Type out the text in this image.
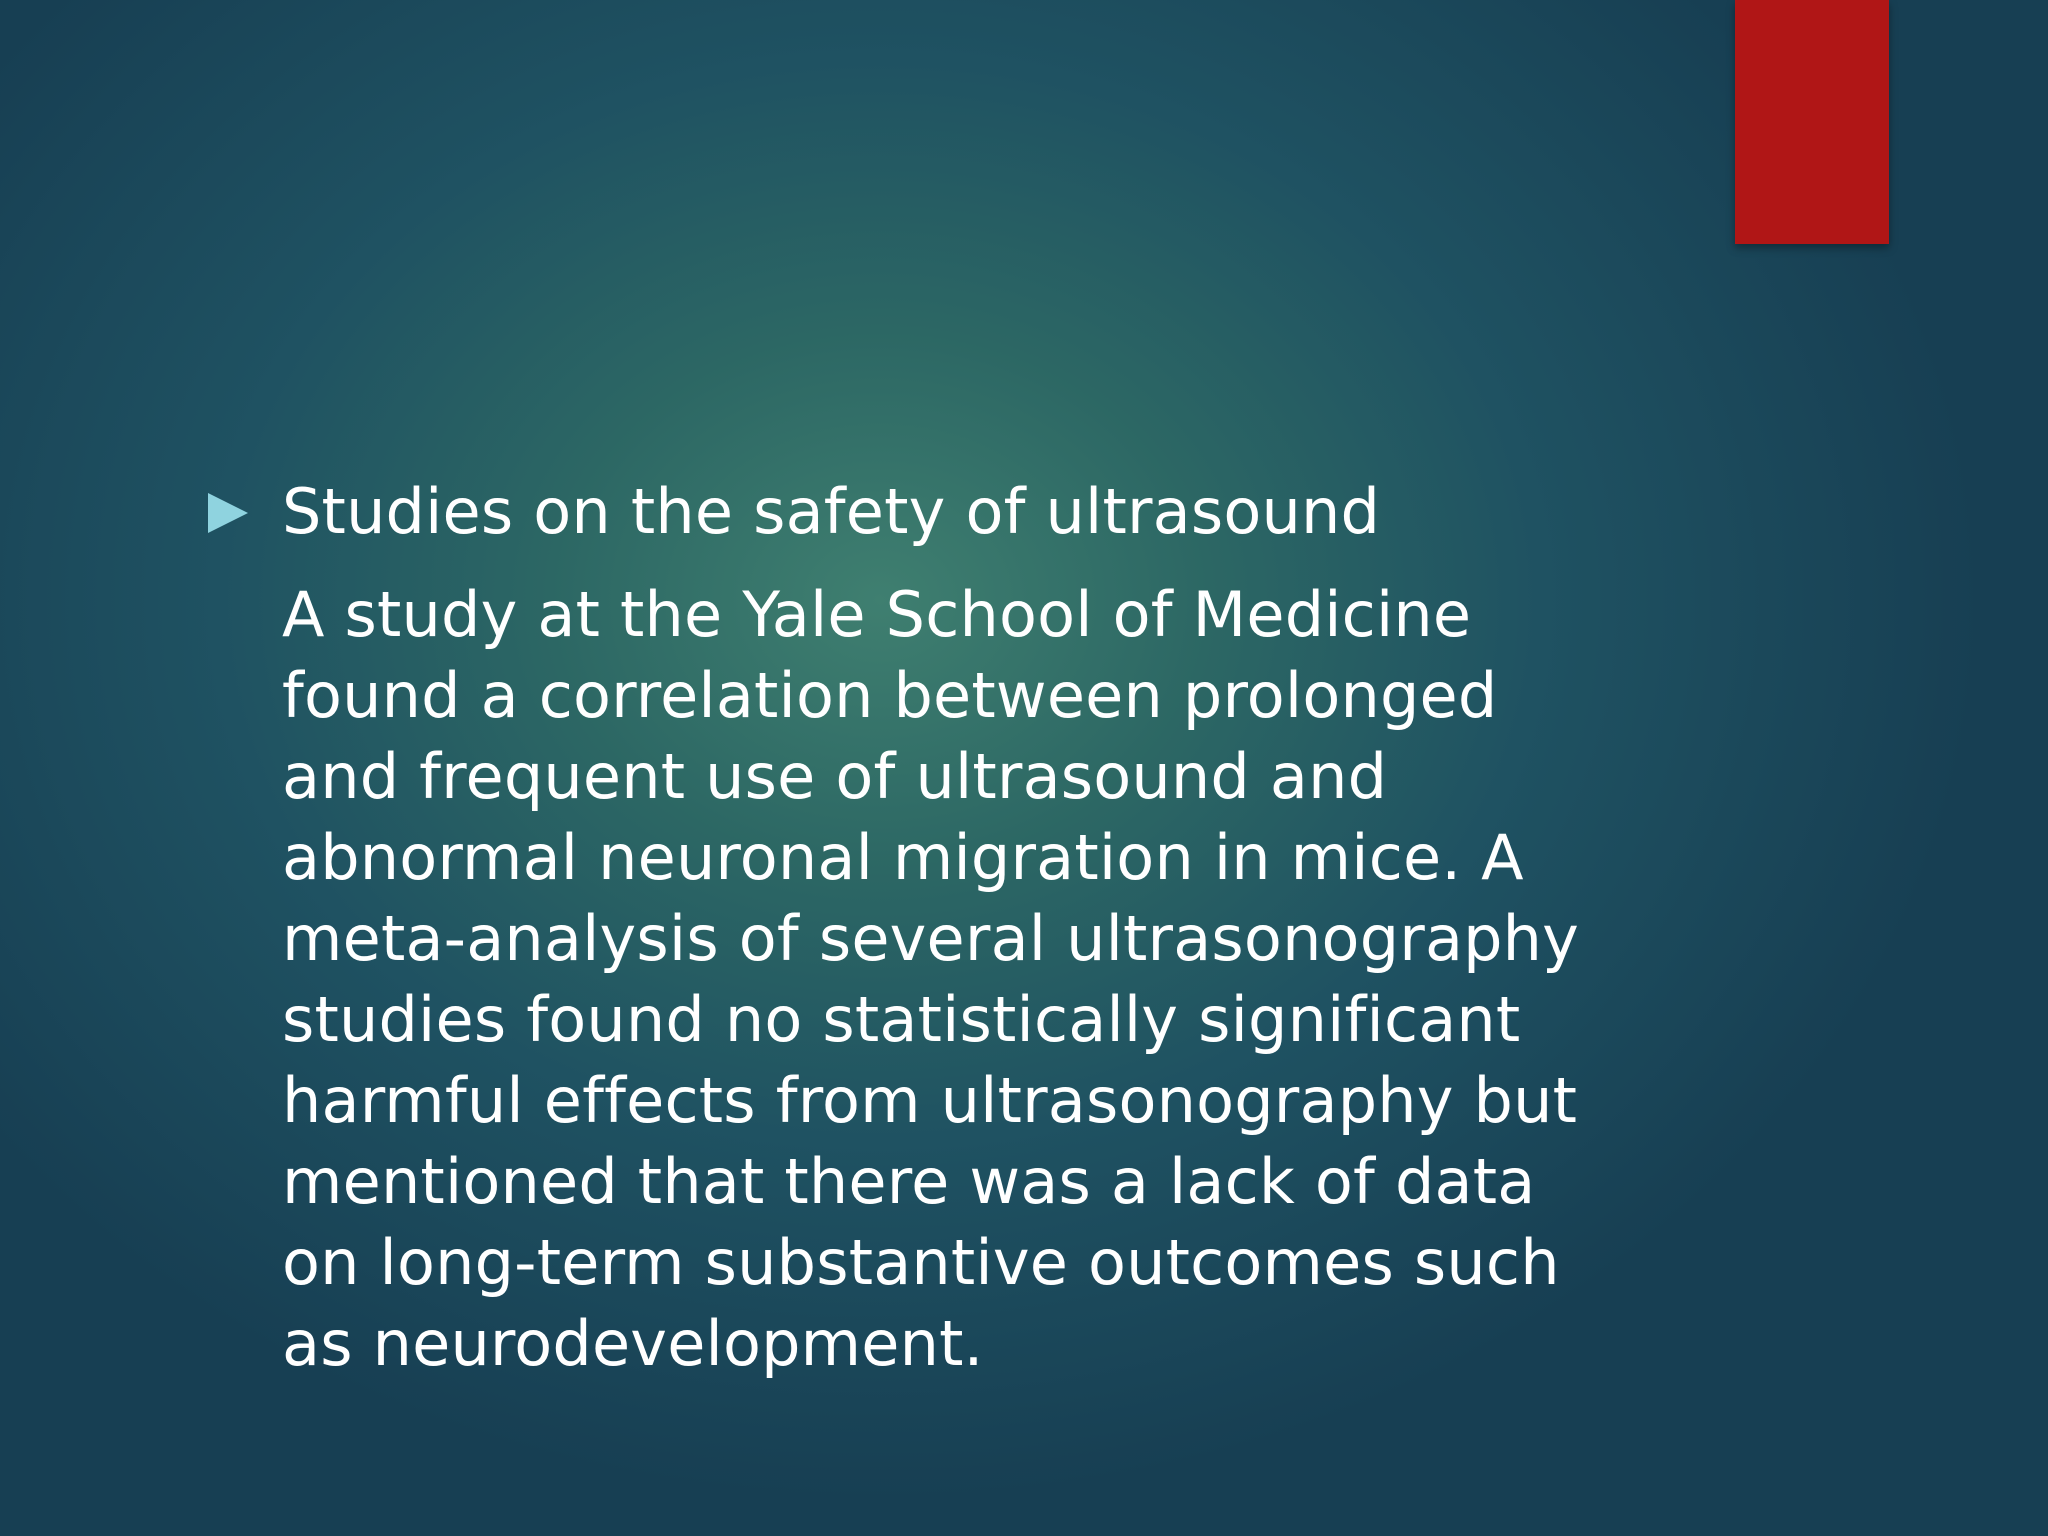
Studies on the safety of ultrasound
A study at the Yale School of Medicine
found a correlation between prolonged
and frequent use of ultrasound and
abnormal neuronal migration in mice. A
meta-analysis of several ultrasonography
studies found no statistically significant
harmful effects from ultrasonography but
mentioned that there was a lack of data
on long-term substantive outcomes such
as neurodevelopment.
